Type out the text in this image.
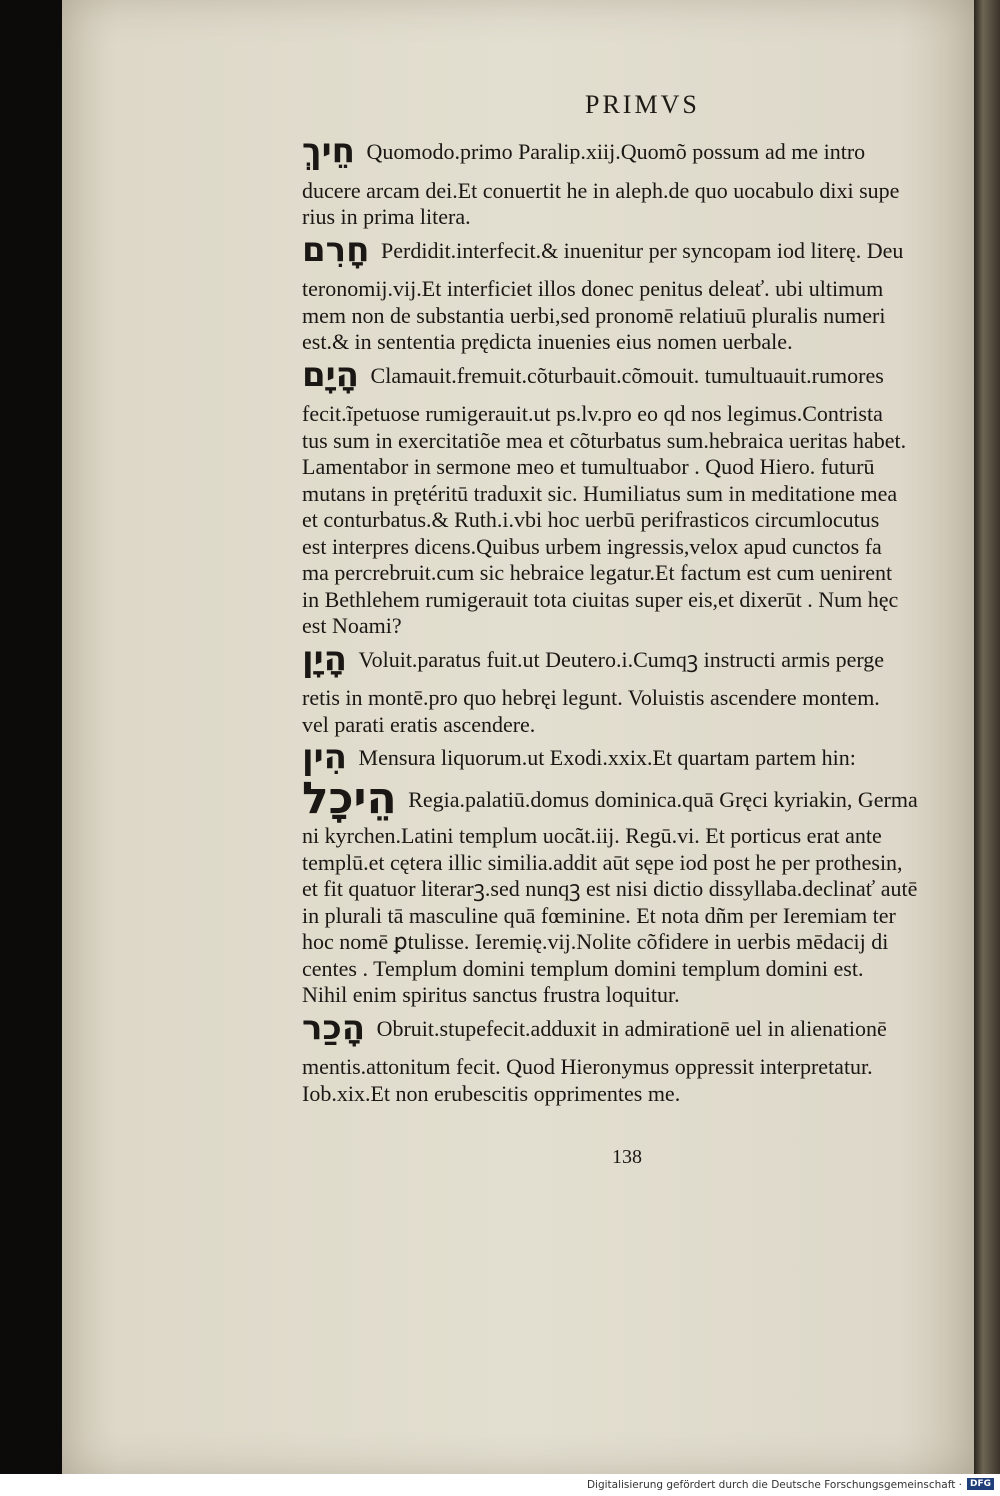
PRIMVS
חֵיךְ Quomodo.primo Paralip.xiij.Quomõ possum ad me intro
ducere arcam dei.Et conuertit he in aleph.de quo uocabulo dixi supe
rius in prima litera.
חָרִם Perdidit.interfecit.& inuenitur per syncopam iod literę. Deu
teronomij.vij.Et interficiet illos donec penitus deleať. ubi ultimum
mem non de substantia uerbi,sed pronomē relatiuū pluralis numeri
est.& in sententia prędicta inuenies eius nomen uerbale.
הָיָם Clamauit.fremuit.cõturbauit.cõmouit. tumultuauit.rumores
fecit.ĩpetuose rumigerauit.ut ps.lv.pro eo qd nos legimus.Contrista
tus sum in exercitatiõe mea et cõturbatus sum.hebraica ueritas habet.
Lamentabor in sermone meo et tumultuabor . Quod Hiero. futurū
mutans in prętéritū traduxit sic. Humiliatus sum in meditatione mea
et conturbatus.& Ruth.i.vbi hoc uerbū perifrasticos circumlocutus
est interpres dicens.Quibus urbem ingressis,velox apud cunctos fa
ma percrebruit.cum sic hebraice legatur.Et factum est cum uenirent
in Bethlehem rumigerauit tota ciuitas super eis,et dixerūt . Num hęc
est Noami?
הָיָן Voluit.paratus fuit.ut Deutero.i.Cumqꝫ instructi armis perge
retis in montē.pro quo hebręi legunt. Voluistis ascendere montem.
vel parati eratis ascendere.
הִין Mensura liquorum.ut Exodi.xxix.Et quartam partem hin:
הֵיכָל Regia.palatiū.domus dominica.quā Gręci kyriakin, Germa
ni kyrchen.Latini templum uocãt.iij. Regū.vi. Et porticus erat ante
templū.et cętera illic similia.addit aūt sępe iod post he per prothesin,
et fit quatuor literarꝫ.sed nunqꝫ est nisi dictio dissyllaba.declinať autē
in plurali tā masculine quā fœminine. Et nota dñm per Ieremiam ter
hoc nomē ꝑtulisse. Ieremię.vij.Nolite cõfidere in uerbis mēdacij di
centes . Templum domini templum domini templum domini est.
Nihil enim spiritus sanctus frustra loquitur.
הָכַר Obruit.stupefecit.adduxit in admirationē uel in alienationē
mentis.attonitum fecit. Quod Hieronymus oppressit interpretatur.
Iob.xix.Et non erubescitis opprimentes me.
138
Digitalisierung gefördert durch die Deutsche Forschungsgemeinschaft · DFG
